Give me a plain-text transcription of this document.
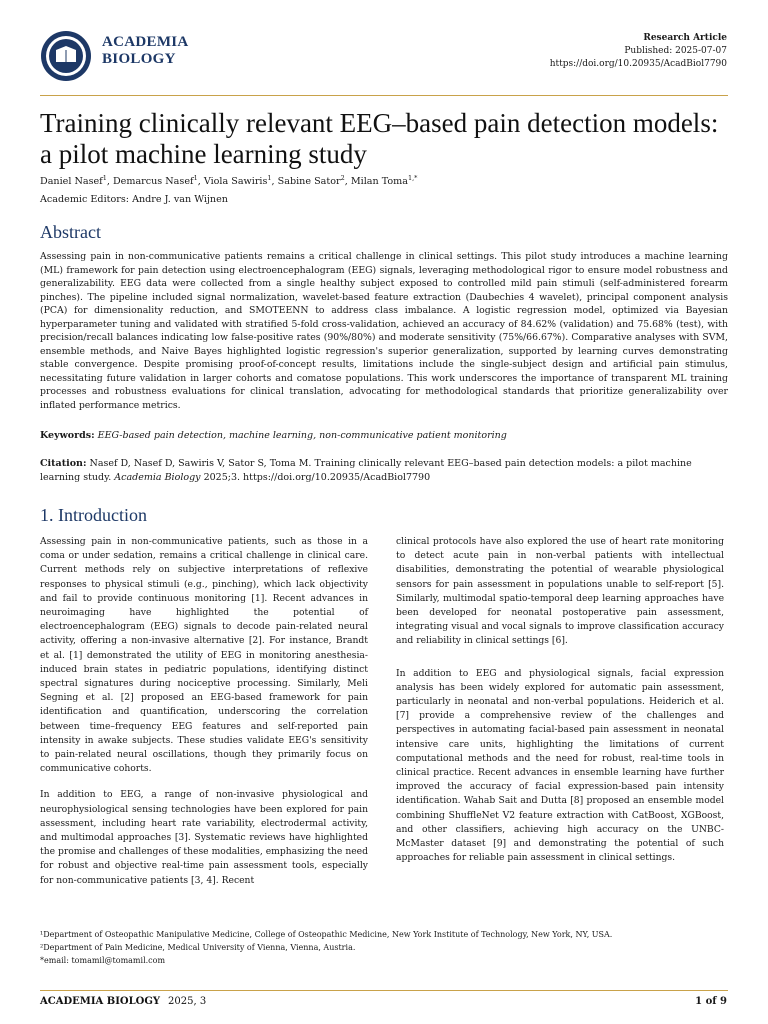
ACADEMIA
BIOLOGY
Research Article
Published: 2025-07-07
https://doi.org/10.20935/AcadBiol7790
Training clinically relevant EEG–based pain detection models: a pilot machine learning study
Daniel Nasef$^1$, Demarcus Nasef$^1$, Viola Sawiris$^1$, Sabine Sator$^2$, Milan Toma$^{1,*}$
Academic Editors: Andre J. van Wijnen
Abstract
Assessing pain in non-communicative patients remains a critical challenge in clinical settings. This pilot study introduces a machine learning (ML) framework for pain detection using electroencephalogram (EEG) signals, leveraging methodological rigor to ensure model robustness and generalizability. EEG data were collected from a single healthy subject exposed to controlled mild pain stimuli (self-administered forearm pinches). The pipeline included signal normalization, wavelet-based feature extraction (Daubechies 4 wavelet), principal component analysis (PCA) for dimensionality reduction, and SMOTEENN to address class imbalance. A logistic regression model, optimized via Bayesian hyperparameter tuning and validated with stratified 5-fold cross-validation, achieved an accuracy of 84.62% (validation) and 75.68% (test), with precision/recall balances indicating low false-positive rates (90%/80%) and moderate sensitivity (75%/66.67%). Comparative analyses with SVM, ensemble methods, and Naive Bayes highlighted logistic regression's superior generalization, supported by learning curves demonstrating stable convergence. Despite promising proof-of-concept results, limitations include the single-subject design and artificial pain stimulus, necessitating future validation in larger cohorts and comatose populations. This work underscores the importance of transparent ML training processes and robustness evaluations for clinical translation, advocating for methodological standards that prioritize generalizability over inflated performance metrics.
Keywords: EEG-based pain detection, machine learning, non-communicative patient monitoring
Citation: Nasef D, Nasef D, Sawiris V, Sator S, Toma M. Training clinically relevant EEG–based pain detection models: a pilot machine learning study. Academia Biology 2025;3. https://doi.org/10.20935/AcadBiol7790
1. Introduction

Assessing pain in non-communicative patients, such as those in a coma or under sedation, remains a critical challenge in clinical care. Current methods rely on subjective interpretations of reflexive responses to physical stimuli (e.g., pinching), which lack objectivity and fail to provide continuous monitoring [1]. Recent advances in neuroimaging have highlighted the potential of electroencephalogram (EEG) signals to decode pain-related neural activity, offering a non-invasive alternative [2]. For instance, Brandt et al. [1] demonstrated the utility of EEG in monitoring anesthesia-induced brain states in pediatric populations, identifying distinct spectral signatures during nociceptive processing. Similarly, Meli Segning et al. [2] proposed an EEG-based framework for pain identification and quantification, underscoring the correlation between time–frequency EEG features and self-reported pain intensity in awake subjects. These studies validate EEG's sensitivity to pain-related neural oscillations, though they primarily focus on communicative cohorts.

In addition to EEG, a range of non-invasive physiological and neurophysiological sensing technologies have been explored for pain assessment, including heart rate variability, electrodermal activity, and multimodal approaches [3]. Systematic reviews have highlighted the promise and challenges of these modalities, emphasizing the need for robust and objective real-time pain assessment tools, especially for non-communicative patients [3, 4]. Recent

clinical protocols have also explored the use of heart rate monitoring to detect acute pain in non-verbal patients with intellectual disabilities, demonstrating the potential of wearable physiological sensors for pain assessment in populations unable to self-report [5]. Similarly, multimodal spatio-temporal deep learning approaches have been developed for neonatal postoperative pain assessment, integrating visual and vocal signals to improve classification accuracy and reliability in clinical settings [6].

In addition to EEG and physiological signals, facial expression analysis has been widely explored for automatic pain assessment, particularly in neonatal and non-verbal populations. Heiderich et al. [7] provide a comprehensive review of the challenges and perspectives in automating facial-based pain assessment in neonatal intensive care units, highlighting the limitations of current computational methods and the need for robust, real-time tools in clinical practice. Recent advances in ensemble learning have further improved the accuracy of facial expression-based pain intensity identification. Wahab Sait and Dutta [8] proposed an ensemble model combining ShuffleNet V2 feature extraction with CatBoost, XGBoost, and other classifiers, achieving high accuracy on the UNBC-McMaster dataset [9] and demonstrating the potential of such approaches for reliable pain assessment in clinical settings.

¹Department of Osteopathic Manipulative Medicine, College of Osteopathic Medicine, New York Institute of Technology, New York, NY, USA.
²Department of Pain Medicine, Medical University of Vienna, Vienna, Austria.
*email: tomamil@tomamil.com
ACADEMIA BIOLOGY 2025, 3	1 of 9
